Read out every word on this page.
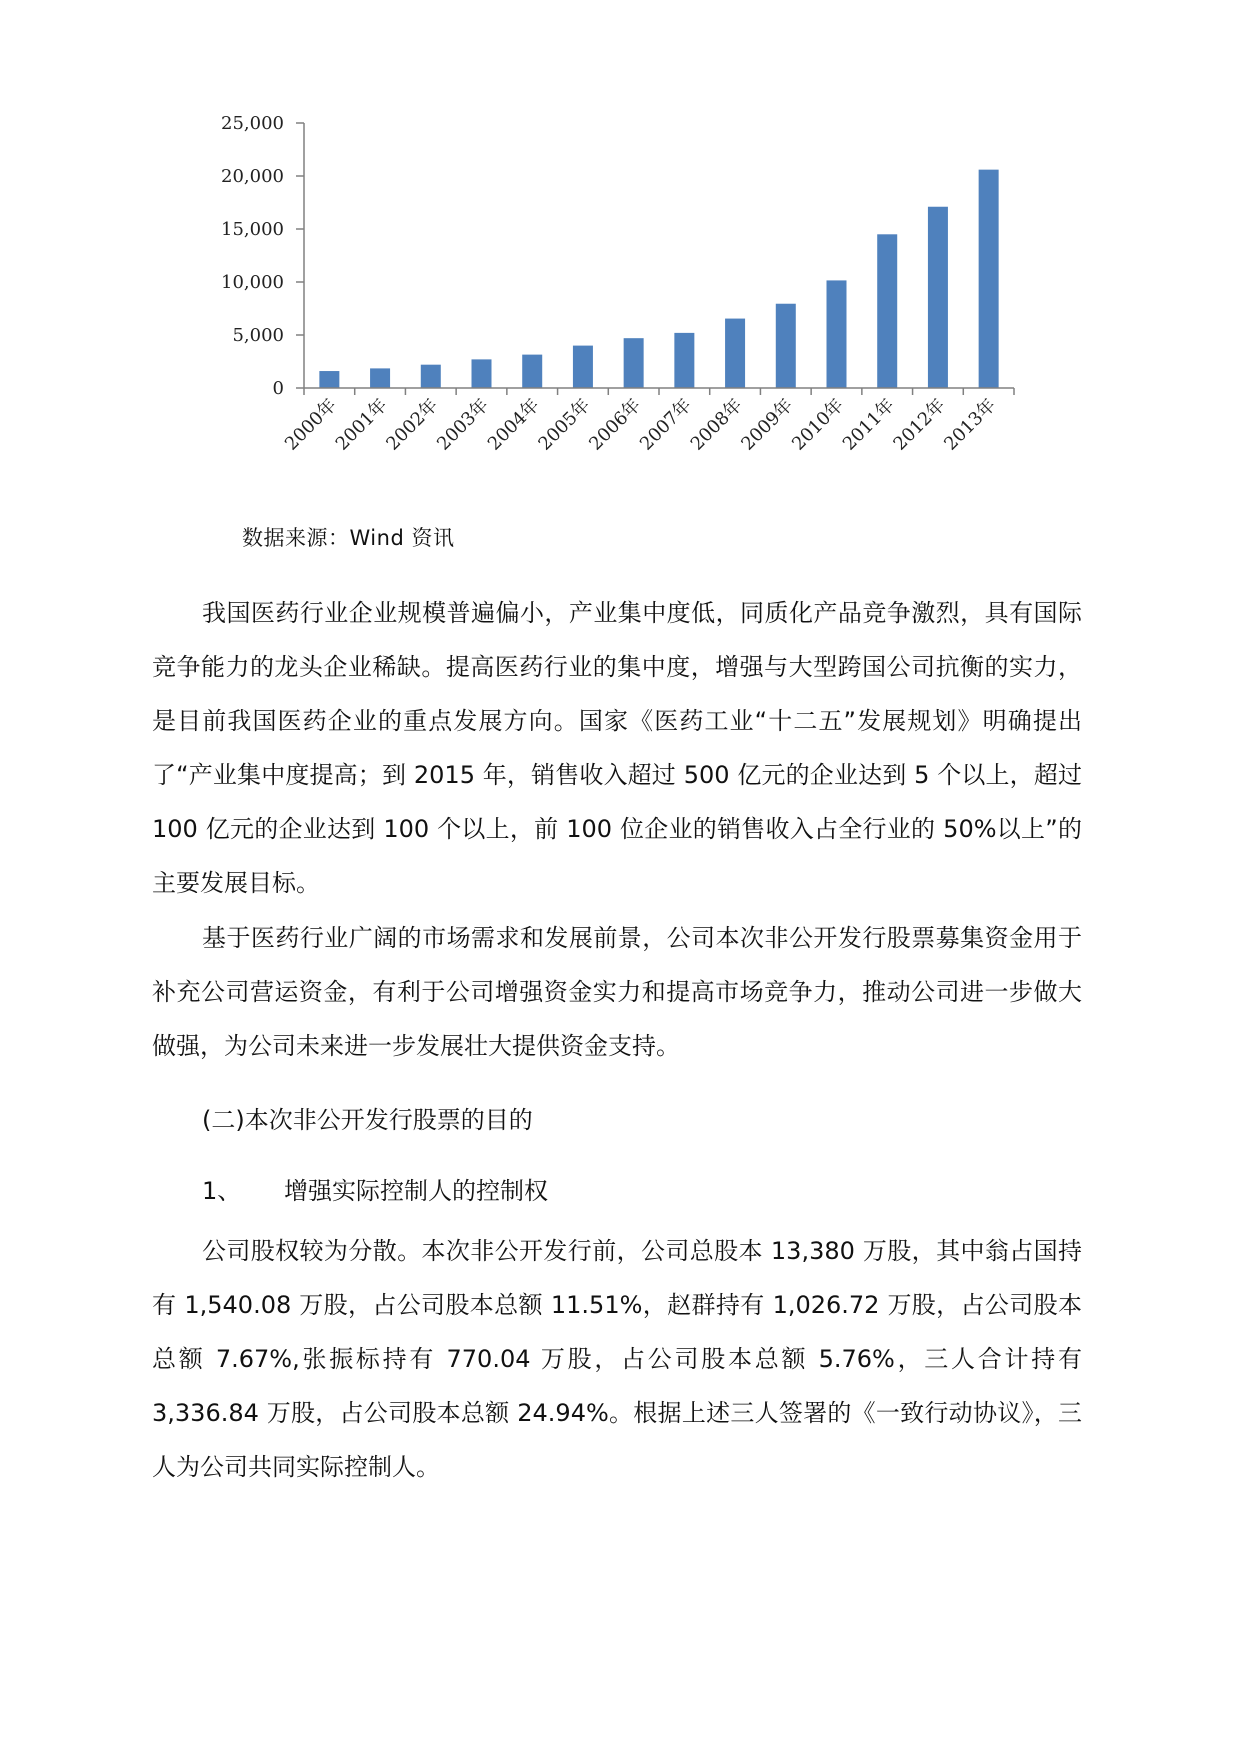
0
5,000
10,000
15,000
20,000
25,000
2000年
2001年
2002年
2003年
2004年
2005年
2006年
2007年
2008年
2009年
2010年
2011年
2012年
2013年
数据来源：Wind 资讯
我国医药行业企业规模普遍偏小，产业集中度低，同质化产品竞争激烈，具有国际竞争能力的龙头企业稀缺。提高医药行业的集中度，增强与大型跨国公司抗衡的实力，是目前我国医药企业的重点发展方向。国家《医药工业“十二五”发展规划》明确提出了“产业集中度提高；到 2015 年，销售收入超过 500 亿元的企业达到 5 个以上，超过 100 亿元的企业达到 100 个以上，前 100 位企业的销售收入占全行业的 50%以上”的主要发展目标。
基于医药行业广阔的市场需求和发展前景，公司本次非公开发行股票募集资金用于补充公司营运资金，有利于公司增强资金实力和提高市场竞争力，推动公司进一步做大做强，为公司未来进一步发展壮大提供资金支持。
(二)本次非公开发行股票的目的
1、 增强实际控制人的控制权
公司股权较为分散。本次非公开发行前，公司总股本 13,380 万股，其中翁占国持有 1,540.08 万股，占公司股本总额 11.51%，赵群持有 1,026.72 万股，占公司股本总额 7.67%,张振标持有 770.04 万股，占公司股本总额 5.76%，三人合计持有 3,336.84 万股，占公司股本总额 24.94%。根据上述三人签署的《一致行动协议》，三人为公司共同实际控制人。
